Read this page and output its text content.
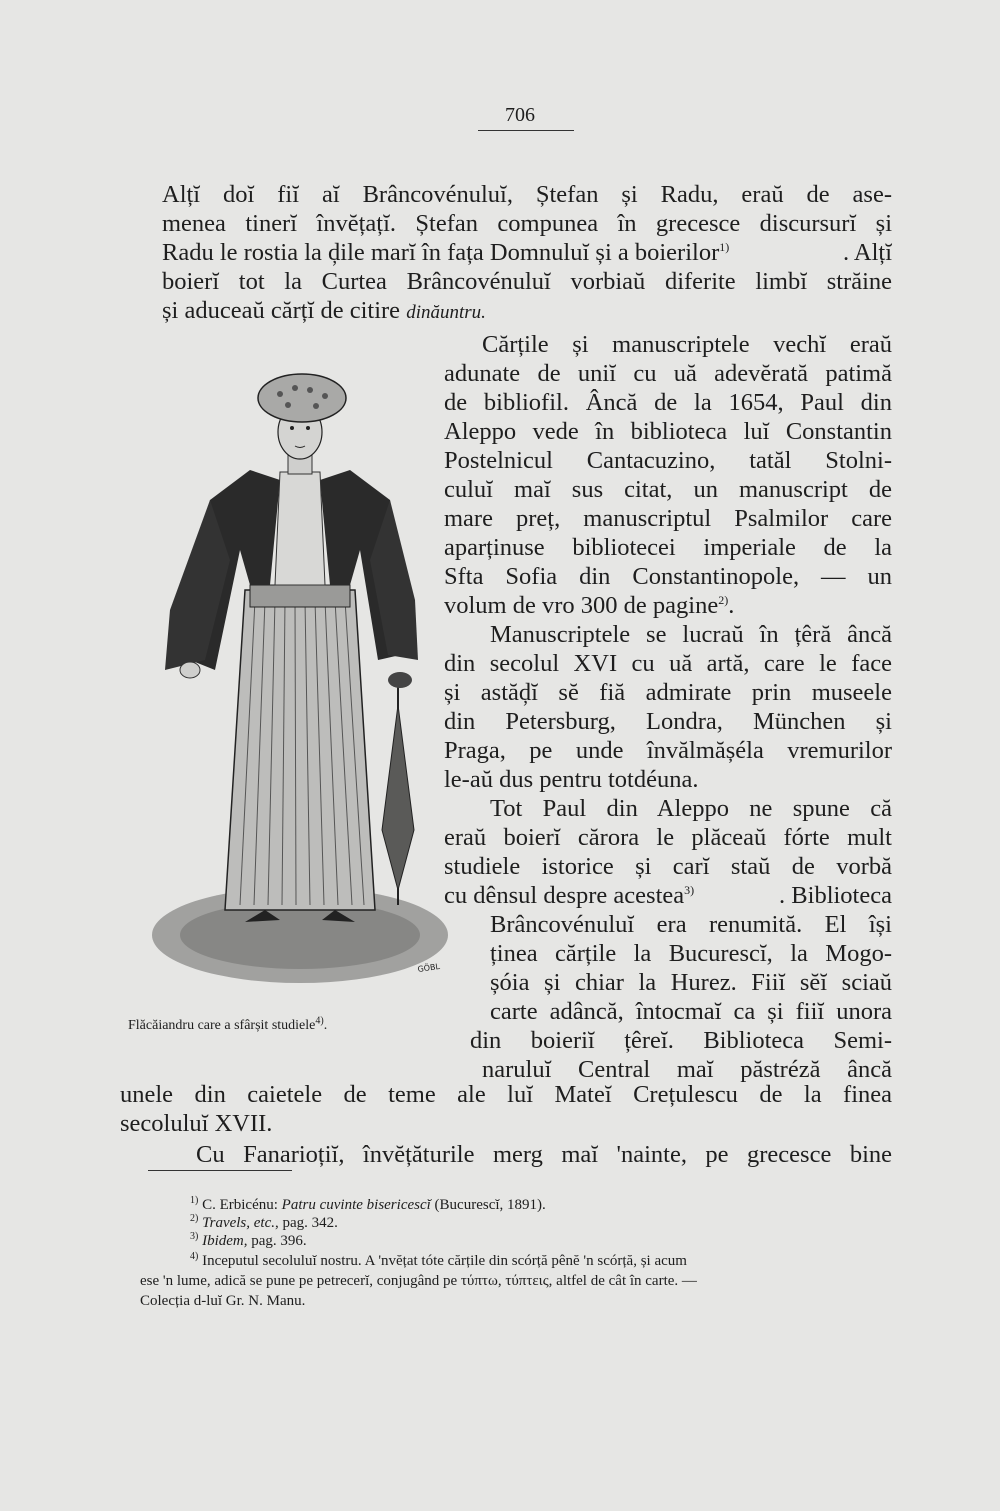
706
Alțĭ doĭ fiĭ aĭ Brâncovénuluĭ, Ștefan și Radu, eraŭ de ase-
menea tinerĭ învĕțațĭ. Ștefan compunea în grecesce discursurĭ și
Radu le rostia la ḑile marĭ în fața Domnuluĭ și a boierilor$^{1)}$	. Alțĭ
boierĭ tot la Curtea Brâncovénuluĭ vorbiaŭ diferite limbĭ străine
și aduceaŭ cărțĭ de citire dinăuntru.
Cărțile și manuscriptele vechĭ eraŭ
adunate de uniĭ cu uă adevĕrată patimă
de bibliofil. Âncă de la 1654, Paul din
Aleppo vede în biblioteca luĭ Constantin
Postelnicul Cantacuzino, tatăl Stolni-
culuĭ maĭ sus citat, un manuscript de
mare preț, manuscriptul Psalmilor care
aparținuse bibliotecei imperiale de la
Sfta Sofia din Constantinopole, — un
volum de vro 300 de pagine$^{2)}$.
Manuscriptele se lucraŭ în țêră âncă
din secolul XVI cu uă artă, care le face
și astăḑĭ sĕ fiă admirate prin museele
din Petersburg, Londra, München și
Praga, pe unde învălmășéla vremurilor
le-aŭ dus pentru totdéuna.
Tot Paul din Aleppo ne spune că
eraŭ boierĭ cărora le plăceaŭ fórte mult
studiele istorice și carĭ staŭ de vorbă
cu dênsul despre acestea$^{3)}$	. Biblioteca
Brâncovénuluĭ era renumită. El își
ținea cărțile la Bucurescĭ, la Mogo-
șóia și chiar la Hurez. Fiiĭ sĕĭ sciaŭ
carte adâncă, întocmaĭ ca și fiiĭ unora
din boieriĭ țêreĭ. Biblioteca Semi-
naruluĭ Central maĭ păstréză âncă
unele din caietele de teme ale luĭ Mateĭ Crețulescu de la finea
secoluluĭ XVII.
Cu Fanarioțiĭ, învĕțăturile merg maĭ 'nainte, pe grecesce bine
GÖBL
Flăcăiandru care a sfârșit studiele$^{4)}$.
$^{1)}$ C. Erbicénu: Patru cuvinte bisericescĭ (Bucurescĭ, 1891).
$^{2)}$ Travels, etc., pag. 342.
$^{3)}$ Ibidem, pag. 396.
$^{4)}$ Inceputul secoluluĭ nostru. A 'nvĕțat tóte cărțile din scórță pênĕ 'n scórță, și acum
ese 'n lume, adică se pune pe petrecerĭ, conjugând pe τύπτω, τύπτεις, altfel de cât în carte. —
Colecția d-luĭ Gr. N. Manu.
